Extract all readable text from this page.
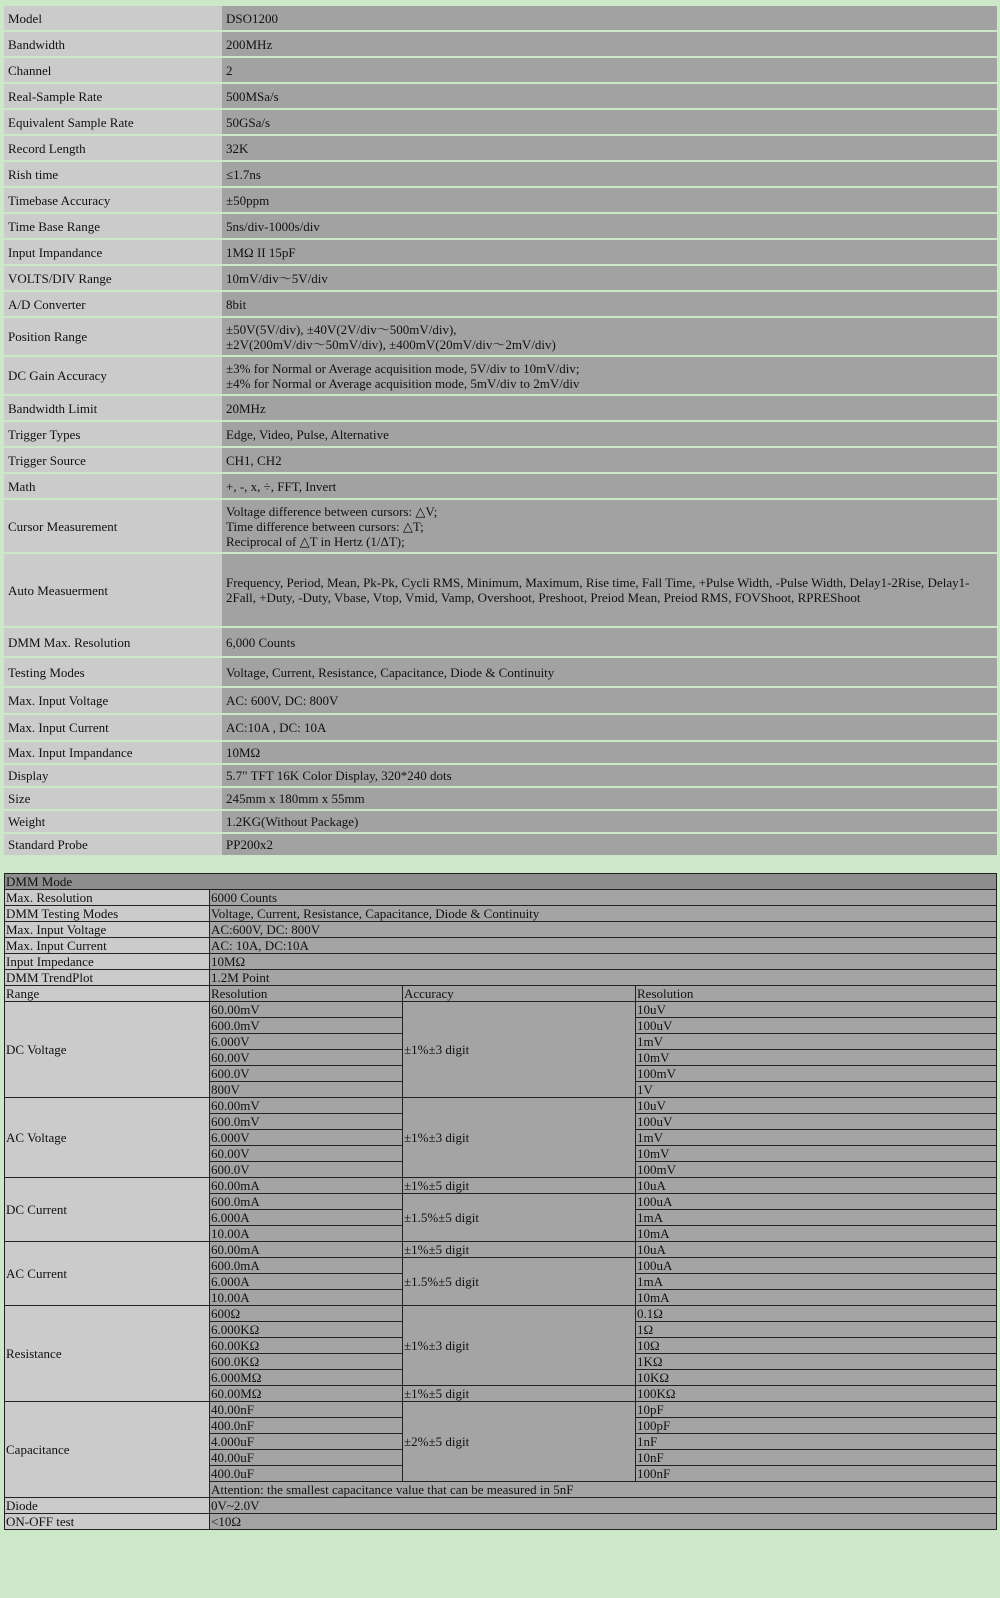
Model	DSO1200
Bandwidth	200MHz
Channel	2
Real-Sample Rate	500MSa/s
Equivalent Sample Rate	50GSa/s
Record Length	32K
Rish time	≤1.7ns
Timebase Accuracy	±50ppm
Time Base Range	5ns/div-1000s/div
Input Impandance	1MΩ II 15pF
VOLTS/DIV Range	10mV/div～5V/div
A/D Converter	8bit
Position Range	±50V(5V/div), ±40V(2V/div～500mV/div),
±2V(200mV/div～50mV/div), ±400mV(20mV/div～2mV/div)
DC Gain Accuracy	±3% for Normal or Average acquisition mode, 5V/div to 10mV/div;
±4% for Normal or Average acquisition mode, 5mV/div to 2mV/div
Bandwidth Limit	20MHz
Trigger Types	Edge, Video, Pulse, Alternative
Trigger Source	CH1, CH2
Math	+, -, x, ÷, FFT, Invert
Cursor Measurement	Voltage difference between cursors: △V;
Time difference between cursors: △T;
Reciprocal of △T in Hertz (1/ΔT);
Auto Measuerment	Frequency, Period, Mean, Pk-Pk, Cycli RMS, Minimum, Maximum, Rise time, Fall Time, +Pulse Width, -Pulse Width, Delay1-2Rise, Delay1-2Fall, +Duty, -Duty, Vbase, Vtop, Vmid, Vamp, Overshoot, Preshoot, Preiod Mean, Preiod RMS, FOVShoot, RPREShoot
DMM Max. Resolution	6,000 Counts
Testing Modes	Voltage, Current, Resistance, Capacitance, Diode & Continuity
Max. Input Voltage	AC: 600V, DC: 800V
Max. Input Current	AC:10A , DC: 10A
Max. Input Impandance	10MΩ
Display	5.7" TFT 16K Color Display, 320*240 dots
Size	245mm x 180mm x 55mm
Weight	1.2KG(Without Package)
Standard Probe	PP200x2
DMM Mode			
Max. Resolution	6000 Counts		
DMM Testing Modes	Voltage, Current, Resistance, Capacitance, Diode & Continuity		
Max. Input Voltage	AC:600V, DC: 800V		
Max. Input Current	AC: 10A, DC:10A		
Input Impedance	10MΩ		
DMM TrendPlot	1.2M Point		
Range	Resolution	Accuracy	Resolution
DC Voltage	60.00mV	±1%±3 digit	10uV
	600.0mV		100uV
	6.000V		1mV
	60.00V		10mV
	600.0V		100mV
	800V		1V
AC Voltage	60.00mV	±1%±3 digit	10uV
	600.0mV		100uV
	6.000V		1mV
	60.00V		10mV
	600.0V		100mV
DC Current	60.00mA	±1%±5 digit	10uA
	600.0mA	±1.5%±5 digit	100uA
	6.000A		1mA
	10.00A		10mA
AC Current	60.00mA	±1%±5 digit	10uA
	600.0mA	±1.5%±5 digit	100uA
	6.000A		1mA
	10.00A		10mA
Resistance	600Ω	±1%±3 digit	0.1Ω
	6.000KΩ		1Ω
	60.00KΩ		10Ω
	600.0KΩ		1KΩ
	6.000MΩ		10KΩ
	60.00MΩ	±1%±5 digit	100KΩ
Capacitance	40.00nF	±2%±5 digit	10pF
	400.0nF		100pF
	4.000uF		1nF
	40.00uF		10nF
	400.0uF		100nF
	Attention: the smallest capacitance value that can be measured in 5nF		
Diode	0V~2.0V		
ON-OFF test	<10Ω		
